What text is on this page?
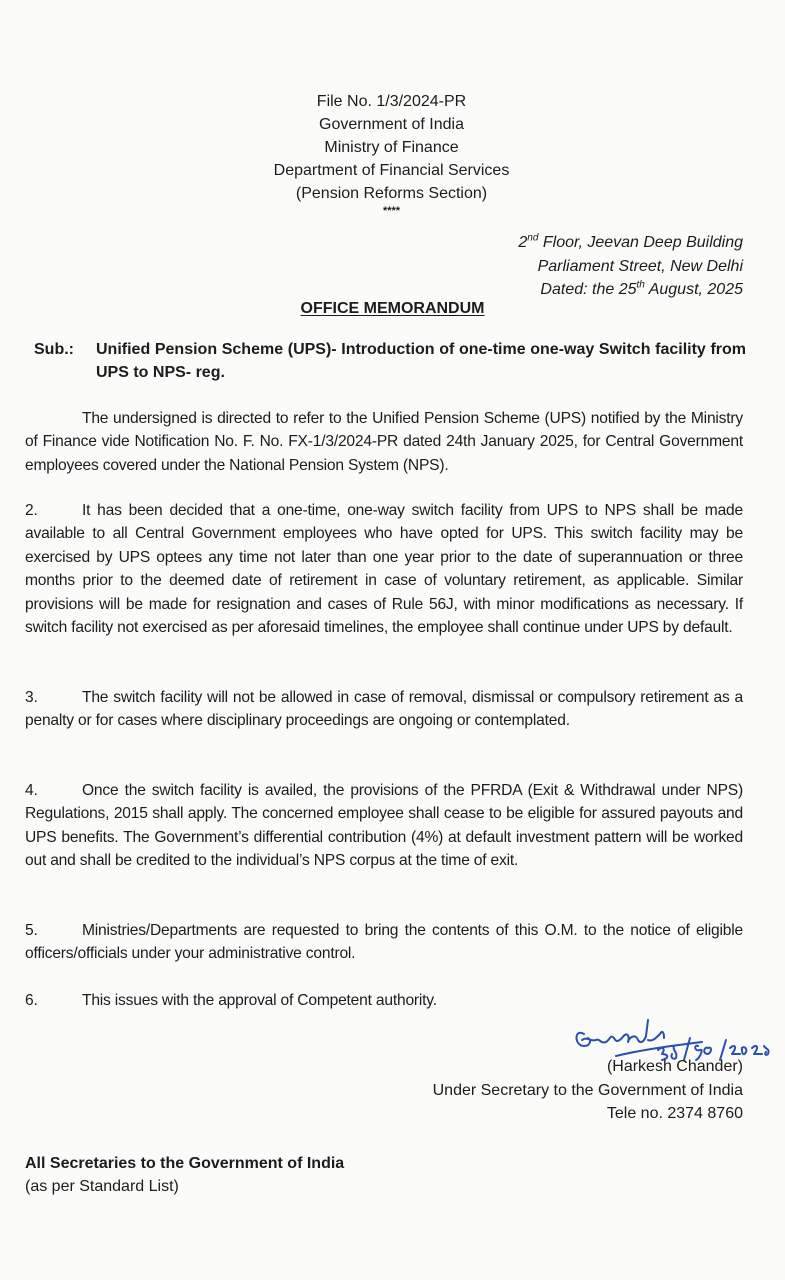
File No. 1/3/2024-PR
Government of India
Ministry of Finance
Department of Financial Services
(Pension Reforms Section)
****
2nd Floor, Jeevan Deep Building
Parliament Street, New Delhi
Dated: the 25th August, 2025
OFFICE MEMORANDUM
Sub.:	Unified Pension Scheme (UPS)- Introduction of one-time one-way Switch facility from UPS to NPS- reg.
The undersigned is directed to refer to the Unified Pension Scheme (UPS) notified by the Ministry of Finance vide Notification No. F. No. FX-1/3/2024-PR dated 24th January 2025, for Central Government employees covered under the National Pension System (NPS).
2.	It has been decided that a one-time, one-way switch facility from UPS to NPS shall be made available to all Central Government employees who have opted for UPS. This switch facility may be exercised by UPS optees any time not later than one year prior to the date of superannuation or three months prior to the deemed date of retirement in case of voluntary retirement, as applicable. Similar provisions will be made for resignation and cases of Rule 56J, with minor modifications as necessary. If switch facility not exercised as per aforesaid timelines, the employee shall continue under UPS by default.
3.	The switch facility will not be allowed in case of removal, dismissal or compulsory retirement as a penalty or for cases where disciplinary proceedings are ongoing or contemplated.
4.	Once the switch facility is availed, the provisions of the PFRDA (Exit & Withdrawal under NPS) Regulations, 2015 shall apply. The concerned employee shall cease to be eligible for assured payouts and UPS benefits. The Government’s differential contribution (4%) at default investment pattern will be worked out and shall be credited to the individual’s NPS corpus at the time of exit.
5.	Ministries/Departments are requested to bring the contents of this O.M. to the notice of eligible officers/officials under your administrative control.
6.	This issues with the approval of Competent authority.
(Harkesh Chander)
Under Secretary to the Government of India
Tele no. 2374 8760
All Secretaries to the Government of India
(as per Standard List)
